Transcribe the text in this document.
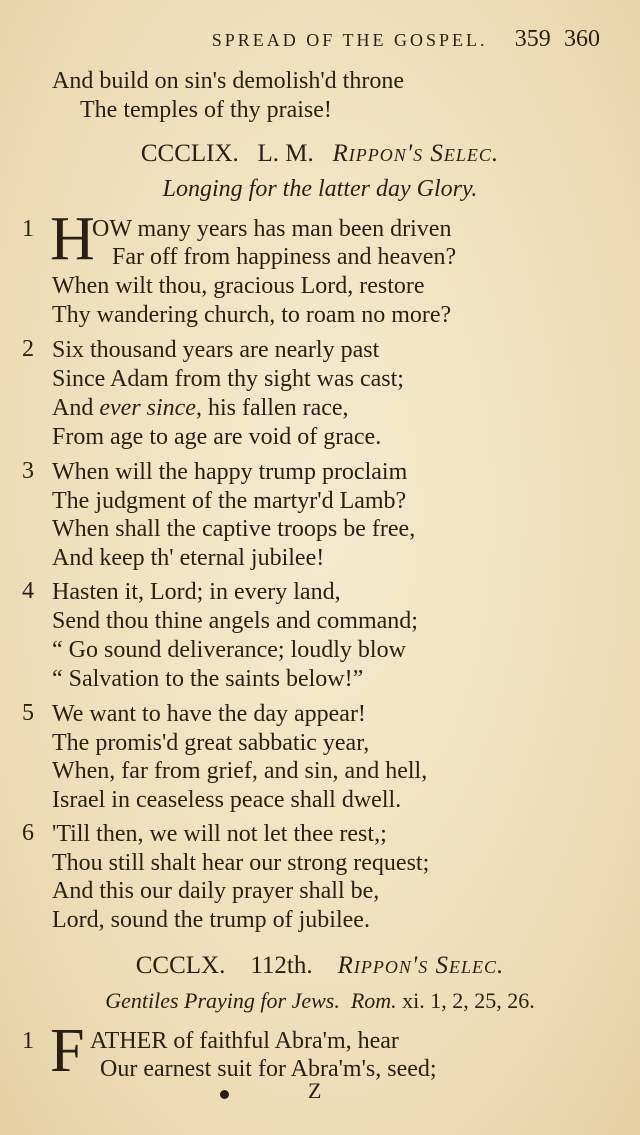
SPREAD OF THE GOSPEL. 359 360
And build on sin's demolish'd throne
The temples of thy praise!
CCCLIX. L. M. Rippon's Selec.
Longing for the latter day Glory.
1 H
OW many years has man been driven
Far off from happiness and heaven?
When wilt thou, gracious Lord, restore
Thy wandering church, to roam no more?
2 Six thousand years are nearly past
Since Adam from thy sight was cast;
And ever since, his fallen race,
From age to age are void of grace.
3 When will the happy trump proclaim
The judgment of the martyr'd Lamb?
When shall the captive troops be free,
And keep th' eternal jubilee!
4 Hasten it, Lord; in every land,
Send thou thine angels and command;
“ Go sound deliverance; loudly blow
“ Salvation to the saints below!”
5 We want to have the day appear!
The promis'd great sabbatic year,
When, far from grief, and sin, and hell,
Israel in ceaseless peace shall dwell.
6 'Till then, we will not let thee rest,;
Thou still shalt hear our strong request;
And this our daily prayer shall be,
Lord, sound the trump of jubilee.
CCCLX. 112th. Rippon's Selec.
Gentiles Praying for Jews. Rom. xi. 1, 2, 25, 26.
1 F ATHER of faithful Abra'm, hear
Our earnest suit for Abra'm's, seed;
Z
